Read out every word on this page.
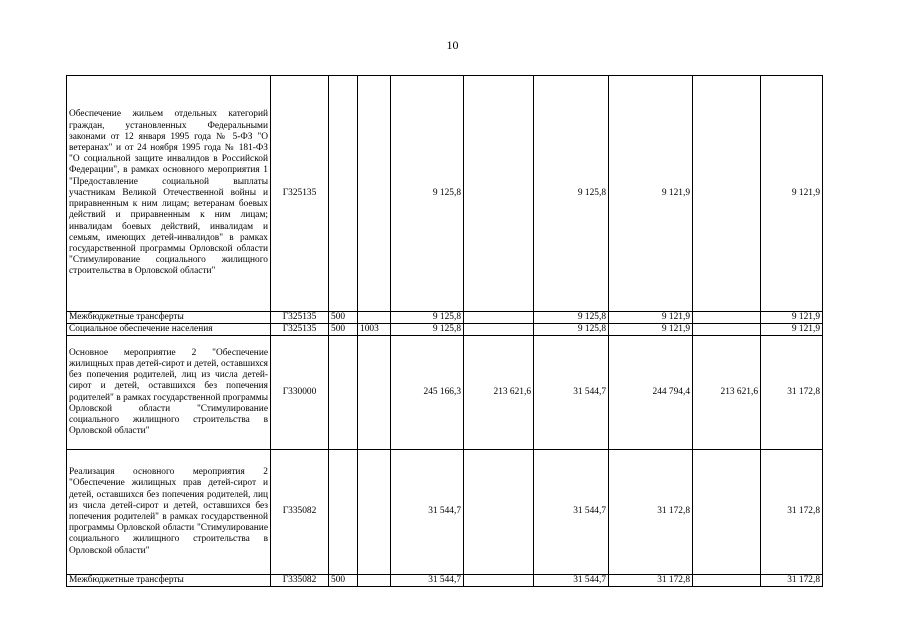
10
Обеспечение жильем отдельных категорий граждан, установленных Федеральными законами от 12 января 1995 года № 5-ФЗ "О ветеранах" и от 24 ноября 1995 года № 181-ФЗ "О социальной защите инвалидов в Российской Федерации", в рамках основного мероприятия 1 "Предоставление социальной выплаты участникам Великой Отечественной войны и приравненным к ним лицам; ветеранам боевых действий и приравненным к ним лицам; инвалидам боевых действий, инвалидам и семьям, имеющих детей-инвалидов" в рамках государственной программы Орловской области "Стимулирование социального жилищного строительства в Орловской области"	Г325135			9 125,8		9 125,8	9 121,9		9 121,9
Межбюджетные трансферты	Г325135	500		9 125,8		9 125,8	9 121,9		9 121,9
Социальное обеспечение населения	Г325135	500	1003	9 125,8		9 125,8	9 121,9		9 121,9
Основное мероприятие 2 "Обеспечение жилищных прав детей-сирот и детей, оставшихся без попечения родителей, лиц из числа детей-сирот и детей, оставшихся без попечения родителей" в рамках государственной программы Орловской области "Стимулирование социального жилищного строительства в Орловской области"	Г330000			245 166,3	213 621,6	31 544,7	244 794,4	213 621,6	31 172,8
Реализация основного мероприятия 2 "Обеспечение жилищных прав детей-сирот и детей, оставшихся без попечения родителей, лиц из числа детей-сирот и детей, оставшихся без попечения родителей" в рамках государственной программы Орловской области "Стимулирование социального жилищного строительства в Орловской области"	Г335082			31 544,7		31 544,7	31 172,8		31 172,8
Межбюджетные трансферты	Г335082	500		31 544,7		31 544,7	31 172,8		31 172,8
